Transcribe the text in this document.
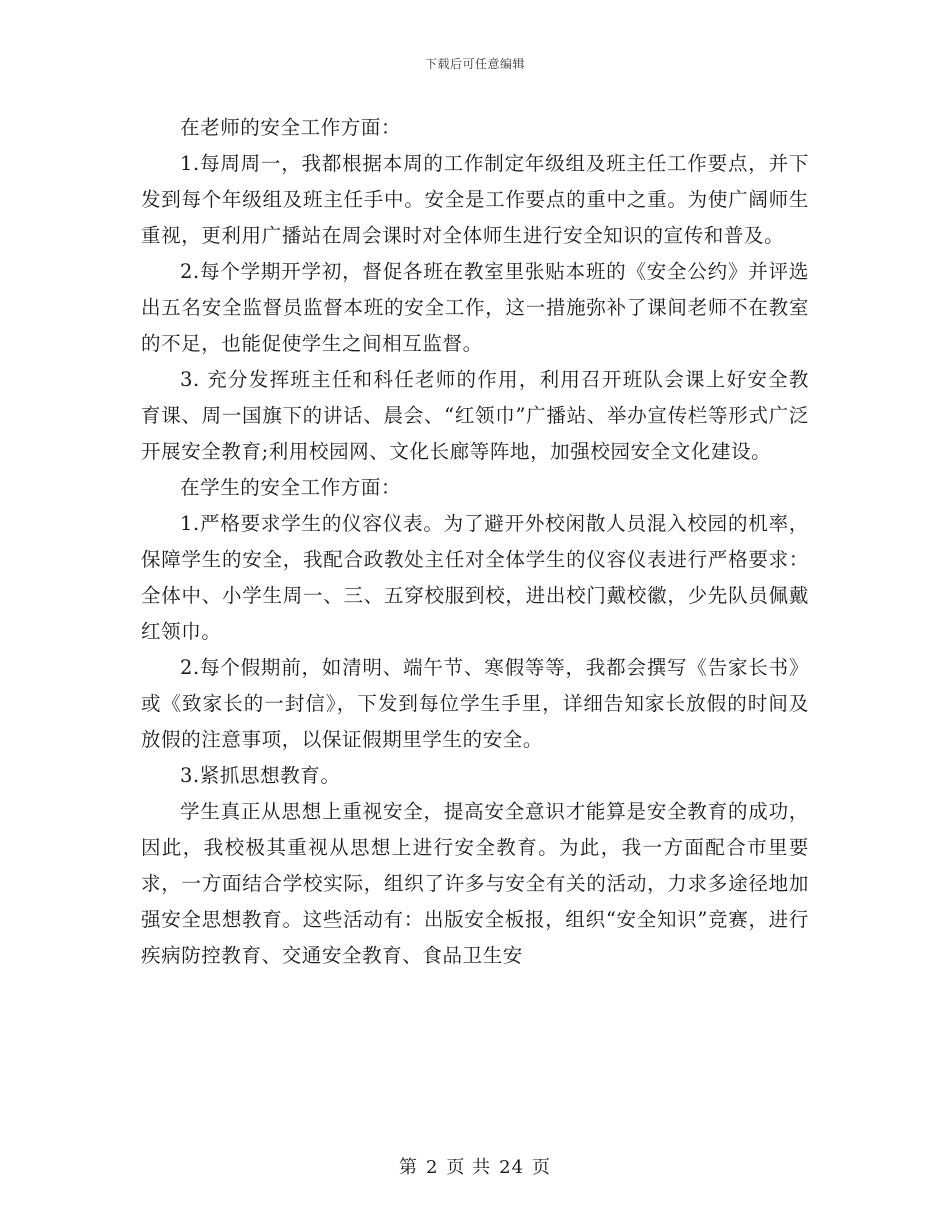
下载后可任意编辑

在老师的安全工作方面：

1.每周周一，我都根据本周的工作制定年级组及班主任工作要点，并下发到每个年级组及班主任手中。安全是工作要点的重中之重。为使广阔师生重视，更利用广播站在周会课时对全体师生进行安全知识的宣传和普及。

2.每个学期开学初，督促各班在教室里张贴本班的《安全公约》并评选出五名安全监督员监督本班的安全工作，这一措施弥补了课间老师不在教室的不足，也能促使学生之间相互监督。

3. 充分发挥班主任和科任老师的作用，利用召开班队会课上好安全教育课、周一国旗下的讲话、晨会、“红领巾”广播站、举办宣传栏等形式广泛开展安全教育;利用校园网、文化长廊等阵地，加强校园安全文化建设。

在学生的安全工作方面：

1.严格要求学生的仪容仪表。为了避开外校闲散人员混入校园的机率，保障学生的安全，我配合政教处主任对全体学生的仪容仪表进行严格要求：全体中、小学生周一、三、五穿校服到校，进出校门戴校徽，少先队员佩戴红领巾。

2.每个假期前，如清明、端午节、寒假等等，我都会撰写《告家长书》或《致家长的一封信》，下发到每位学生手里，详细告知家长放假的时间及放假的注意事项，以保证假期里学生的安全。

3.紧抓思想教育。

学生真正从思想上重视安全，提高安全意识才能算是安全教育的成功，因此，我校极其重视从思想上进行安全教育。为此，我一方面配合市里要求，一方面结合学校实际，组织了许多与安全有关的活动，力求多途径地加强安全思想教育。这些活动有：出版安全板报，组织“安全知识”竞赛，进行疾病防控教育、交通安全教育、食品卫生安

第 2 页 共 24 页
